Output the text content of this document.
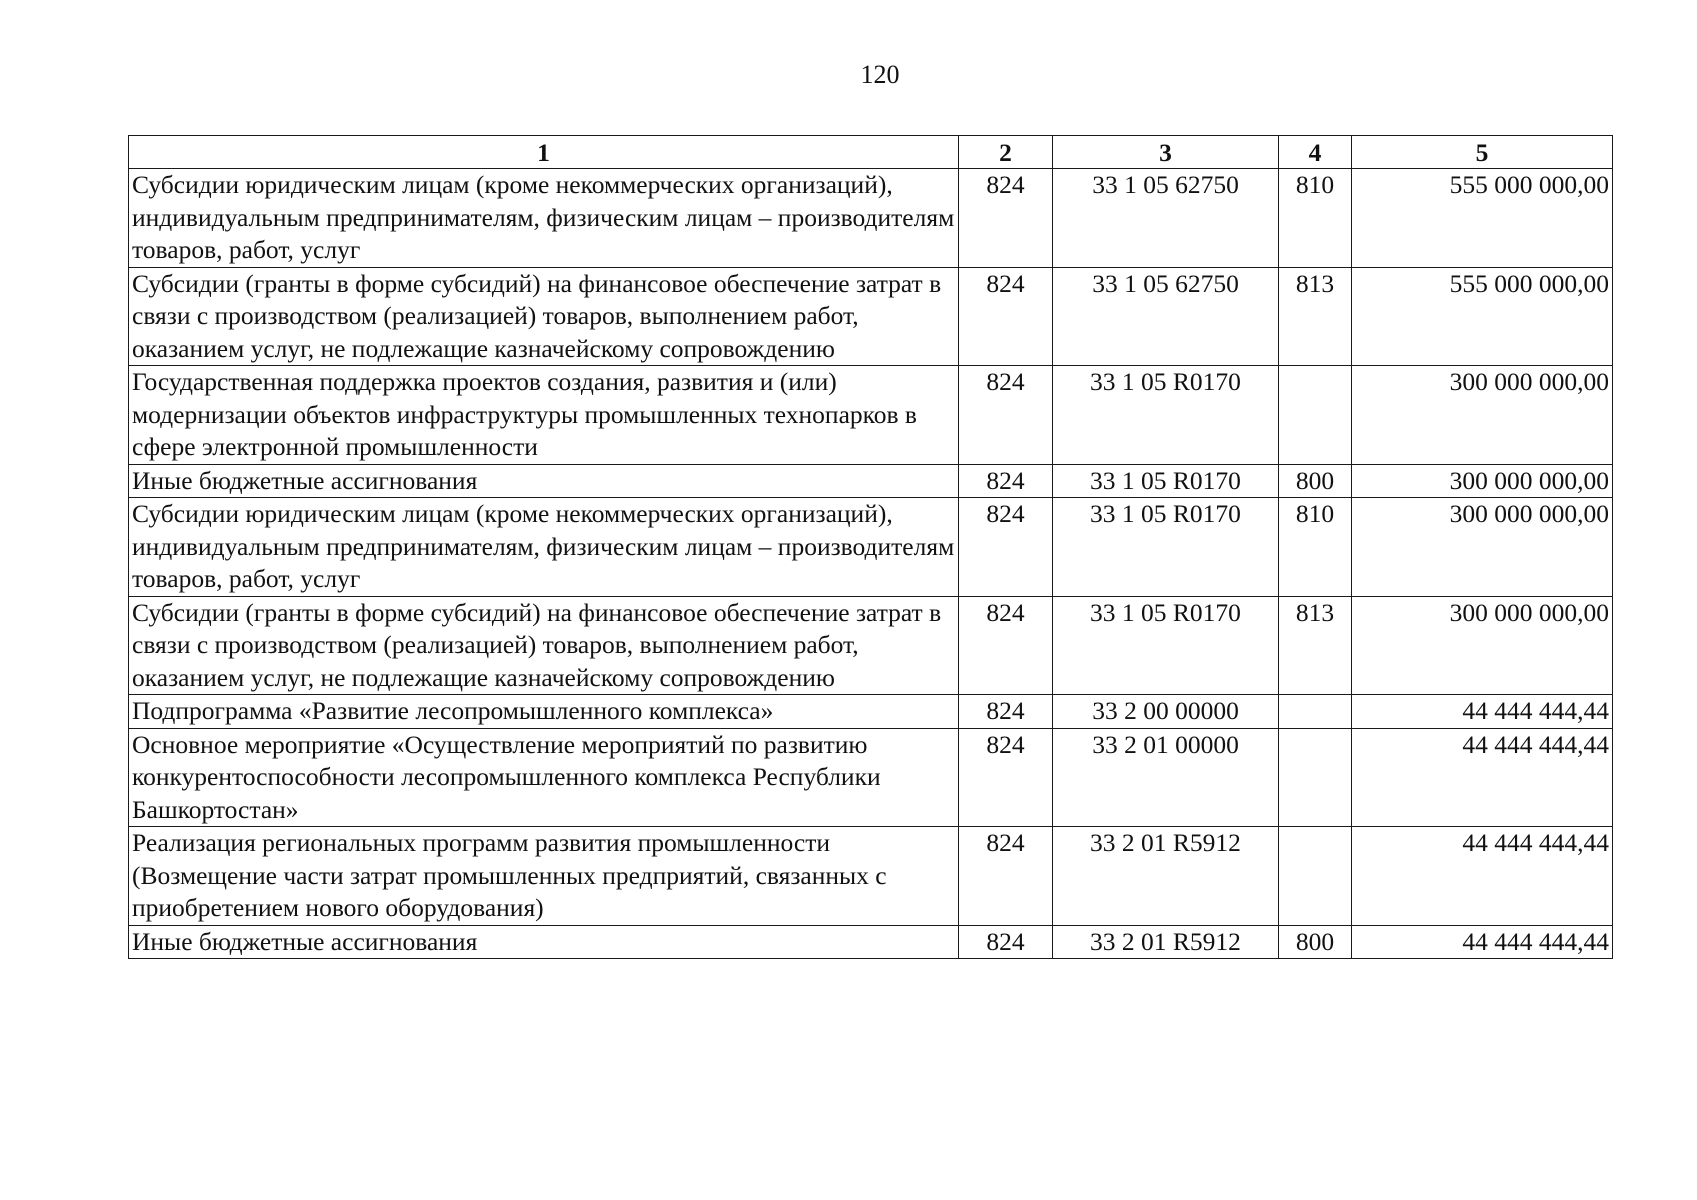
120
1	2	3	4	5
Субсидии юридическим лицам (кроме некоммерческих организаций), индивидуальным предпринимателям, физическим лицам – производителям товаров, работ, услуг	824	33 1 05 62750	810	555 000 000,00
Субсидии (гранты в форме субсидий) на финансовое обеспечение затрат в связи с производством (реализацией) товаров, выполнением работ, оказанием услуг, не подлежащие казначейскому сопровождению	824	33 1 05 62750	813	555 000 000,00
Государственная поддержка проектов создания, развития и (или) модернизации объектов инфраструктуры промышленных технопарков в сфере электронной промышленности	824	33 1 05 R0170		300 000 000,00
Иные бюджетные ассигнования	824	33 1 05 R0170	800	300 000 000,00
Субсидии юридическим лицам (кроме некоммерческих организаций), индивидуальным предпринимателям, физическим лицам – производителям товаров, работ, услуг	824	33 1 05 R0170	810	300 000 000,00
Субсидии (гранты в форме субсидий) на финансовое обеспечение затрат в связи с производством (реализацией) товаров, выполнением работ, оказанием услуг, не подлежащие казначейскому сопровождению	824	33 1 05 R0170	813	300 000 000,00
Подпрограмма «Развитие лесопромышленного комплекса»	824	33 2 00 00000		44 444 444,44
Основное мероприятие «Осуществление мероприятий по развитию конкурентоспособности лесопромышленного комплекса Республики Башкортостан»	824	33 2 01 00000		44 444 444,44
Реализация региональных программ развития промышленности (Возмещение части затрат промышленных предприятий, связанных с приобретением нового оборудования)	824	33 2 01 R5912		44 444 444,44
Иные бюджетные ассигнования	824	33 2 01 R5912	800	44 444 444,44
